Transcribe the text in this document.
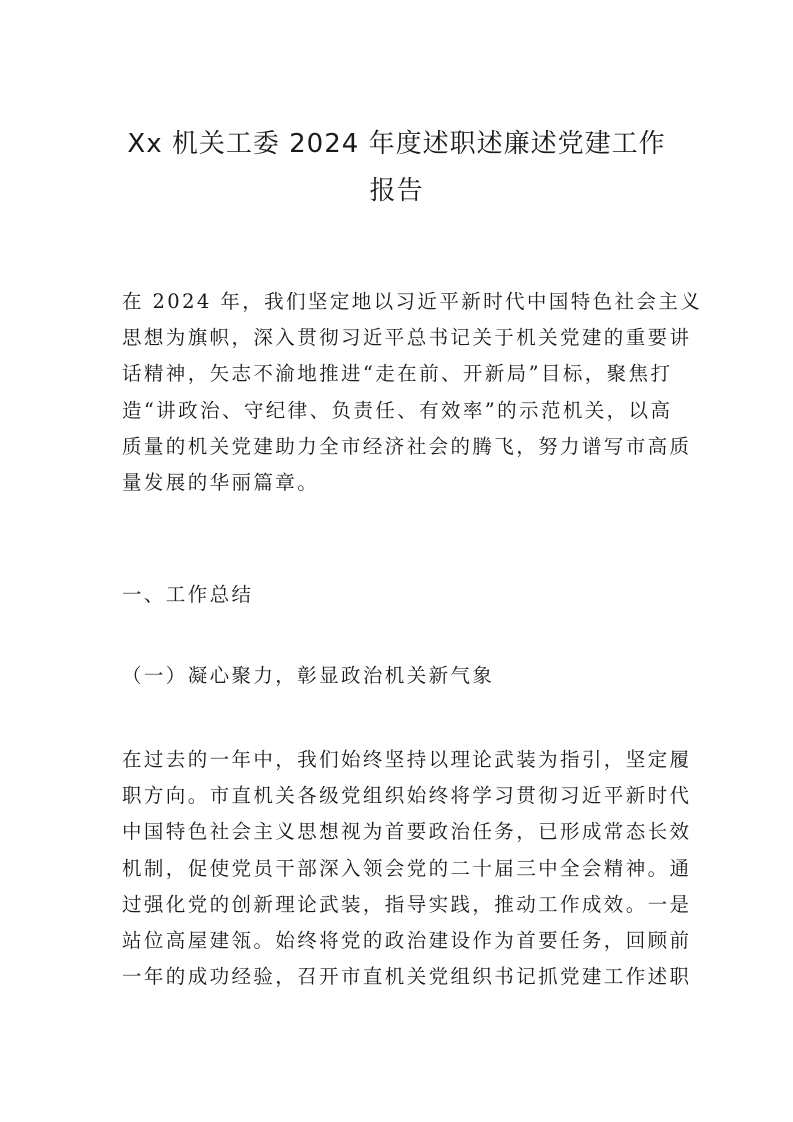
Xx 机关工委 2024 年度述职述廉述党建工作
报告
在 2024 年，我们坚定地以习近平新时代中国特色社会主义
思想为旗帜，深入贯彻习近平总书记关于机关党建的重要讲
话精神，矢志不渝地推进“走在前、开新局”目标，聚焦打
造“讲政治、守纪律、负责任、有效率”的示范机关，以高
质量的机关党建助力全市经济社会的腾飞，努力谱写市高质
量发展的华丽篇章。
一、工作总结
（一）凝心聚力，彰显政治机关新气象
在过去的一年中，我们始终坚持以理论武装为指引，坚定履
职方向。市直机关各级党组织始终将学习贯彻习近平新时代
中国特色社会主义思想视为首要政治任务，已形成常态长效
机制，促使党员干部深入领会党的二十届三中全会精神。通
过强化党的创新理论武装，指导实践，推动工作成效。一是
站位高屋建瓴。始终将党的政治建设作为首要任务，回顾前
一年的成功经验，召开市直机关党组织书记抓党建工作述职
